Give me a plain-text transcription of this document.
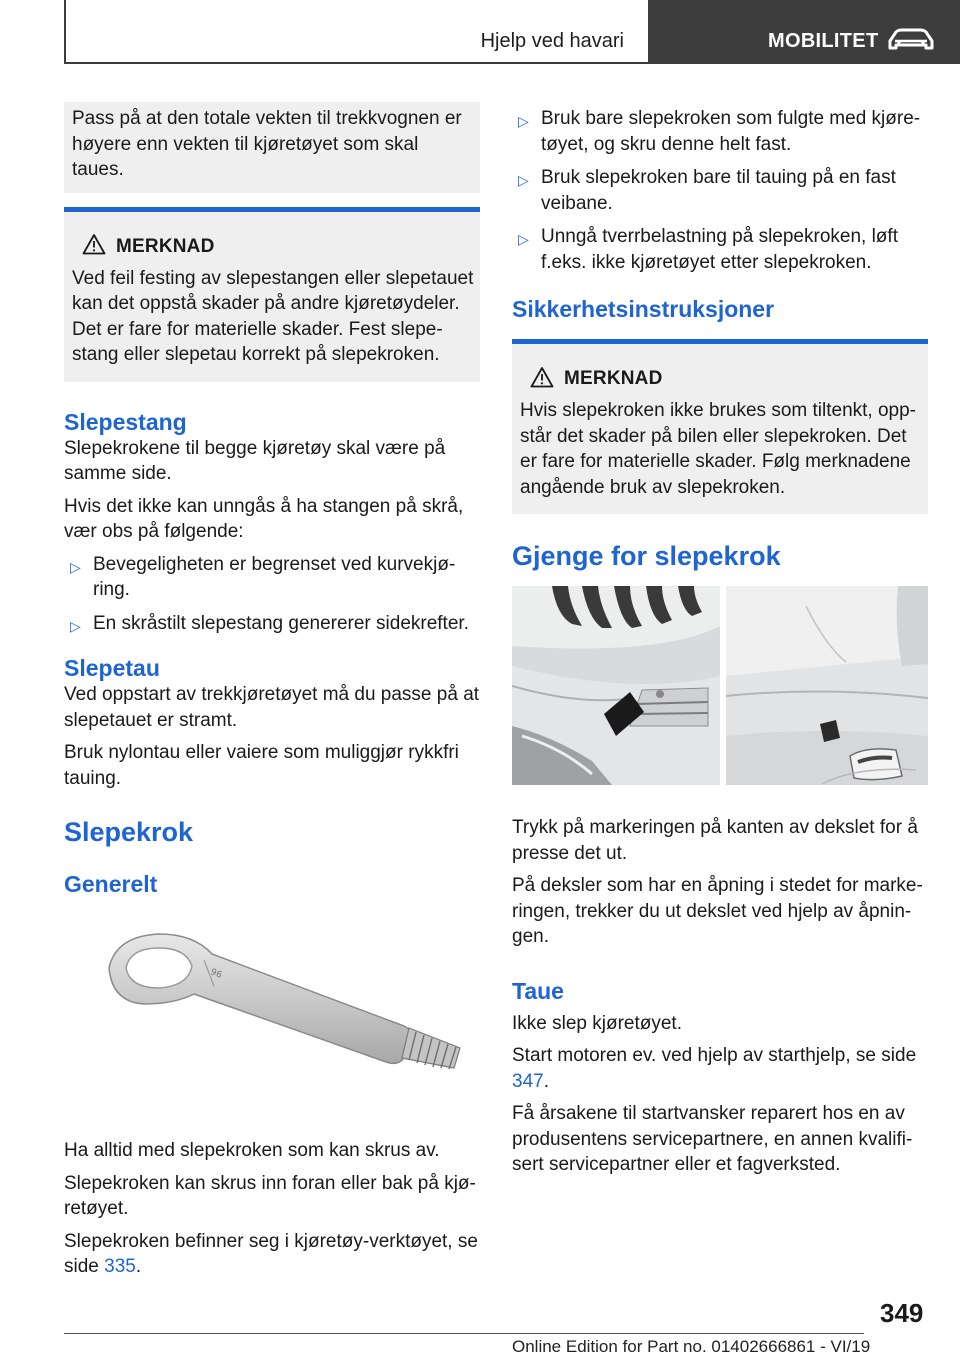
Hjelp ved havari	MOBILITET

Pass på at den totale vekten til trekkvognen er høyere enn vekten til kjøretøyet som skal taues.

MERKNAD

Ved feil festing av slepestangen eller slepetauet kan det oppstå skader på andre kjøretøydeler. Det er fare for materielle skader. Fest slepestang eller slepetau korrekt på slepekroken.

Slepestang

Slepekrokene til begge kjøretøy skal være på samme side.

Hvis det ikke kan unngås å ha stangen på skrå, vær obs på følgende:

▷ Bevegeligheten er begrenset ved kurvekjøring.
▷ En skråstilt slepestang genererer sidekrefter.
Slepetau

Ved oppstart av trekkjøretøyet må du passe på at slepetauet er stramt.

Bruk nylontau eller vaiere som muliggjør rykkfri tauing.

Slepekrok
Generelt
96

Ha alltid med slepekroken som kan skrus av.

Slepekroken kan skrus inn foran eller bak på kjøretøyet.

Slepekroken befinner seg i kjøretøy-verktøyet, se side 335.

▷ Bruk bare slepekroken som fulgte med kjøretøyet, og skru denne helt fast.
▷ Bruk slepekroken bare til tauing på en fast veibane.
▷ Unngå tverrbelastning på slepekroken, løft f.eks. ikke kjøretøyet etter slepekroken.
Sikkerhetsinstruksjoner
MERKNAD

Hvis slepekroken ikke brukes som tiltenkt, oppstår det skader på bilen eller slepekroken. Det er fare for materielle skader. Følg merknadene angående bruk av slepekroken.

Gjenge for slepekrok

Trykk på markeringen på kanten av dekslet for å presse det ut.

På deksler som har en åpning i stedet for markeringen, trekker du ut dekslet ved hjelp av åpningen.

Taue

Ikke slep kjøretøyet.

Start motoren ev. ved hjelp av starthjelp, se side 347.

Få årsakene til startvansker reparert hos en av produsentens servicepartnere, en annen kvalifisert servicepartner eller et fagverksted.

349
Online Edition for Part no. 01402666861 - VI/19
